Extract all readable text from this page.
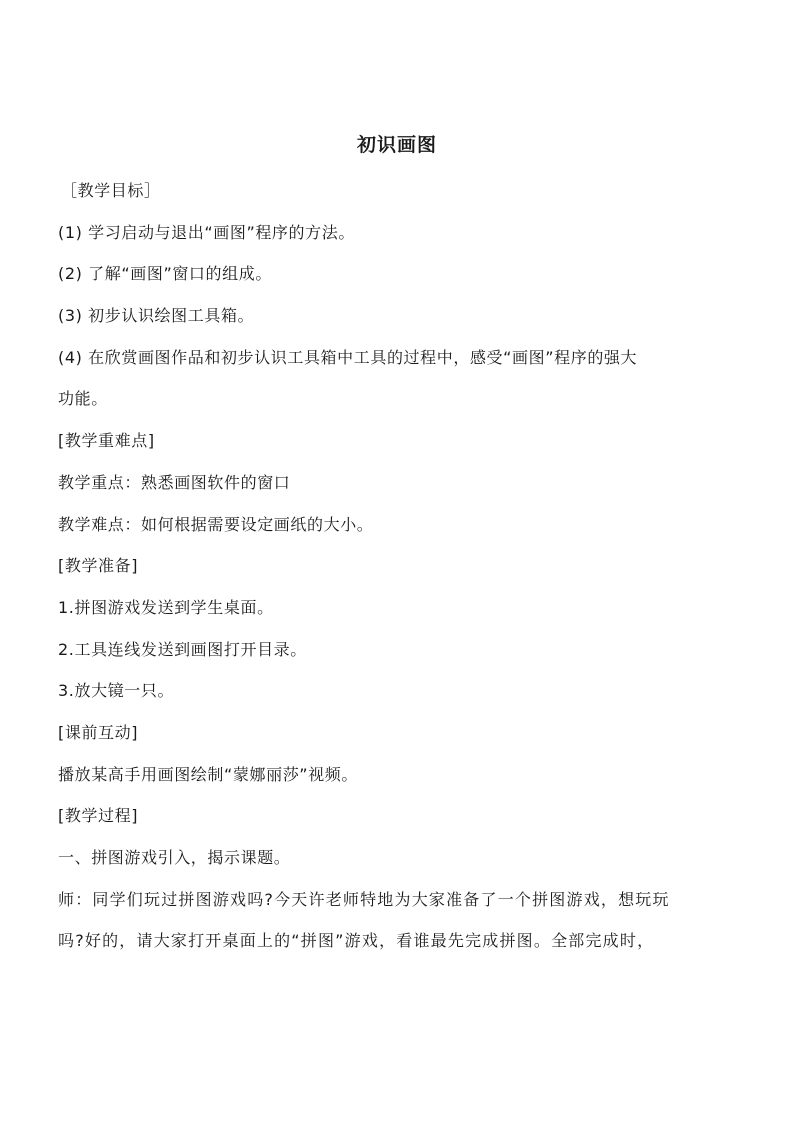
初识画图
［教学目标］
(1) 学习启动与退出“画图”程序的方法。
(2) 了解“画图”窗口的组成。
(3) 初步认识绘图工具箱。
(4) 在欣赏画图作品和初步认识工具箱中工具的过程中，感受“画图”程序的强大
功能。
[教学重难点]
教学重点：熟悉画图软件的窗口
教学难点：如何根据需要设定画纸的大小。
[教学准备]
1.拼图游戏发送到学生桌面。
2.工具连线发送到画图打开目录。
3.放大镜一只。
[课前互动]
播放某高手用画图绘制“蒙娜丽莎”视频。
[教学过程]
一、拼图游戏引入，揭示课题。
师：同学们玩过拼图游戏吗?今天许老师特地为大家准备了一个拼图游戏，想玩玩
吗?好的，请大家打开桌面上的“拼图”游戏，看谁最先完成拼图。全部完成时，
